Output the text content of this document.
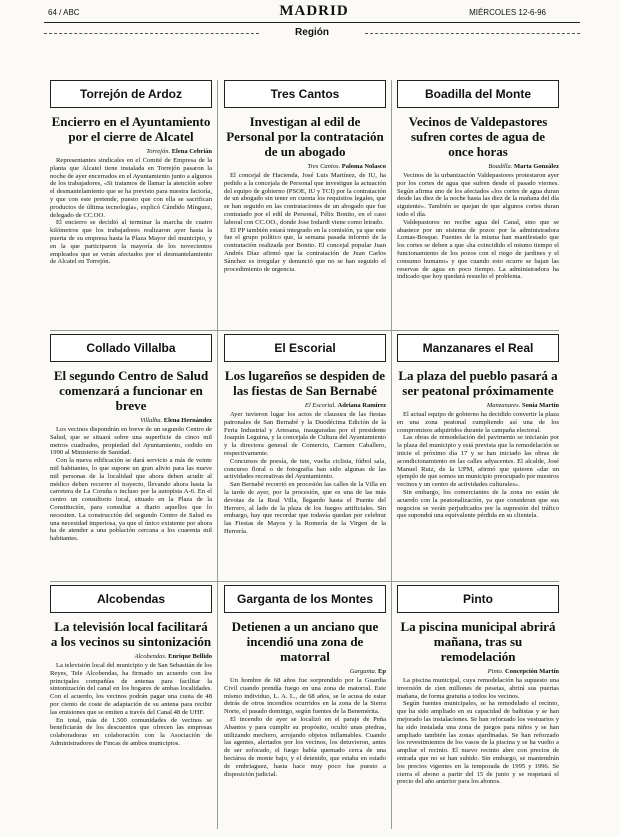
64 / ABC	MADRID	MIÉRCOLES 12-6-96
Región
Torrejón de Ardoz
Encierro en el Ayuntamiento por el cierre de Alcatel
Torrejón. Elena Cebrián

Representantes sindicales en el Comité de Empresa de la planta que Alcatel tiene instalada en Torrejón pasaron la noche de ayer encerrados en el Ayuntamiento junto a algunos de los trabajadores, «Si tratamos de llamar la atención sobre el desmantelamiento que se ha previsto para nuestra factoría, y que con este pretende, puesto que con ella se sacrifican productos de última tecnología», explicó Cándido Mínguez, delegado de CC.OO.

El encierro se decidió al terminar la marcha de cuatro kilómetros que los trabajadores realizaron ayer hasta la puerta de su empresa hasta la Plaza Mayor del municipio, y en la que participaron la mayoría de los novecientos empleados que se verán afectados por el desmantelamiento de Alcatel en Torrejón.

Tres Cantos
Investigan al edil de Personal por la contratación de un abogado
Tres Cantos. Paloma Nolasco

El concejal de Hacienda, José Luis Martínez, de IU, ha pedido a la concejala de Personal que investigue la actuación del equipo de gobierno (PSOE, IU y TCI) por la contratación de un abogado sin tener en cuenta los requisitos legales, que se han seguido en las contrataciones de un abogado que fue contratado por el edil de Personal, Félix Bonito, en el caso laboral con CC.OO., donde Jose Iodardi viene como letrado.

El PP también estará integrado en la comisión, ya que este fue el grupo político que, la semana pasada informó de la contratación realizada por Bonito. El concejal popular Juan Andrés Díaz afirmó que la contratación de Juan Carlos Sánchez es irregular y denunció que no se han seguido el procedimiento de urgencia.

Boadilla del Monte
Vecinos de Valdepastores sufren cortes de agua de once horas
Boadilla. Marta González

Vecinos de la urbanización Valdepastores protestaron ayer por los cortes de agua que sufren desde el pasado viernes. Según afirma uno de los afectados «los cortes de agua duran desde las diez de la noche hasta las diez de la mañana del día siguiente». También se quejan de que algunos cortes duran todo el día.

Valdepastores no recibe agua del Canal, sino que se abastece por un sistema de pozos por la administradora Lomas-Bosque. Fuentes de la misma han manifestado que los cortes se deben a que «ha coincidido el mismo tiempo el funcionamiento de los pozos con el riego de jardines y el consumo humano» y que cuando esto ocurre se bajan las reservas de agua en poco tiempo. La administradora ha indicado que hoy quedará resuelto el problema.

Collado Villalba
El segundo Centro de Salud comenzará a funcionar en breve
Villalba. Elena Hernández

Los vecinos dispondrán en breve de un segundo Centro de Salud, que se situará sobre una superficie de cinco mil metros cuadrados, propiedad del Ayuntamiento, cedido en 1990 al Ministerio de Sanidad.

Con la nueva edificación se dará servicio a más de veinte mil habitantes, lo que supone un gran alivio para las nueve mil personas de la localidad que ahora deben acudir al médico deben recorrer el trayecto, llevando ahora hasta la carretera de La Coruña o incluso por la autopista A-6. En el centro un consultorio local, situado en la Plaza de la Constitución, para consultar a diario aquellos que lo necesiten. La construcción del segundo Centro de Salud es una necesidad imperiosa, ya que el único existente por ahora ha de atender a una población cercana a los cuarenta mil habitantes.

El Escorial
Los lugareños se despiden de las fiestas de San Bernabé
El Escorial. Adriana Ramírez

Ayer tuvieron lugar los actos de clausura de las fiestas patronales de San Bernabé y la Duodécima Edición de la Feria Industrial y Artesana, inauguradas por el presidente Joaquín Leguina, y la concejala de Cultura del Ayuntamiento y la directora general de Comercio, Carmen Caballero, respectivamente.

Concursos de poesía, de tute, vuelta ciclista, fútbol sala, concurso floral o de fotografía han sido algunas de las actividades recreativas del Ayuntamiento.

San Bernabé recorrió en procesión las calles de la Villa en la tarde de ayer, por la procesión, que es una de las más devotas de la Real Villa, llegando hasta el Puente del Herrero, al lado de la plaza de los fuegos artificiales. Sin embargo, hay que recordar que todavía quedan por celebrar las Fiestas de Mayos y la Romería de la Virgen de la Herrería.

Manzanares el Real
La plaza del pueblo pasará a ser peatonal próximamente
Manzanares. Sonia Martín

El actual equipo de gobierno ha decidido convertir la plaza en una zona peatonal cumpliendo así una de los compromisos adquiridos durante la campaña electoral.

Las obras de remodelación del pavimento se iniciarán por la plaza del municipio y está prevista que la remodelación se inicie el próximo día 17 y se han iniciado las obras de acondicionamiento en las calles adyacentes. El alcalde, José Manuel Ruiz, de la UPM, afirmó que quieren «dar un ejemplo de que somos un municipio preocupado por nuestros vecinos y un centro de actividades culturales».

Sin embargo, los comerciantes de la zona no están de acuerdo con la peatonalización, ya que consideran que sus negocios se verán perjudicados por la supresión del tráfico que supondrá una equivalente pérdida en su clientela.

Alcobendas
La televisión local facilitará a los vecinos su sintonización
Alcobendas. Enrique Bellido

La televisión local del municipio y de San Sebastián de los Reyes, Tele Alcobendas, ha firmado un acuerdo con los principales compañías de antenas para facilitar la sintonización del canal en los hogares de ambas localidades. Con el acuerdo, los vecinos podrán pagar una cuota de 48 por ciento de coste de adaptación de su antena para recibir las emisiones que se emiten a través del Canal 48 de UHF.

En total, más de 1.500 comunidades de vecinos se beneficiarán de los descuentos que ofrecen las empresas colaboradoras en colaboración con la Asociación de Administradores de Fincas de ambos municipios.

Garganta de los Montes
Detienen a un anciano que incendió una zona de matorral
Garganta. Ep

Un hombre de 68 años fue sorprendido por la Guardia Civil cuando prendía fuego en una zona de matorral. Este mismo individuo, L. A. L., de 68 años, se le acusa de estar detrás de otros incendios ocurridos en la zona de la Sierra Norte, el pasado domingo, según fuentes de la Benemérita.

El incendio de ayer se localizó en el paraje de Peña Abantos y para cumplir su propósito, ocultó unas piedras, utilizando mechero, arrojando objetos inflamables. Cuando las agentes, alertados por los vecinos, los detuvieron, antes de ser sofocado, el fuego había quemado cerca de una hectárea de monte bajo, y el detenido, que estaba en estado de embriaguez, hasta hace muy poco fue puesto a disposición judicial.

Pinto
La piscina municipal abrirá mañana, tras su remodelación
Pinto. Concepción Martín

La piscina municipal, cuya remodelación ha supuesto una inversión de cien millones de pesetas, abrirá sus puertas mañana, de forma gratuita a todos los vecinos.

Según fuentes municipales, se ha remodelado el recinto, que ha sido ampliado en su capacidad de bañistas y se han mejorado las instalaciones. Se han reforzado los vestuarios y ha sido instalada una zona de juegos para niños y se han ampliado también las zonas ajardinadas. Se han reforzado los revestimientos de los vasos de la piscina y se ha vuelto a ampliar el recinto. El nuevo recinto abre con precios de entrada que no se han subido. Sin embargo, se mantendrán los precios vigentes en la temporada de 1995 y 1996. Se cierra el abono a partir del 15 de junio y se respetará el precio del año anterior para los abonos.
